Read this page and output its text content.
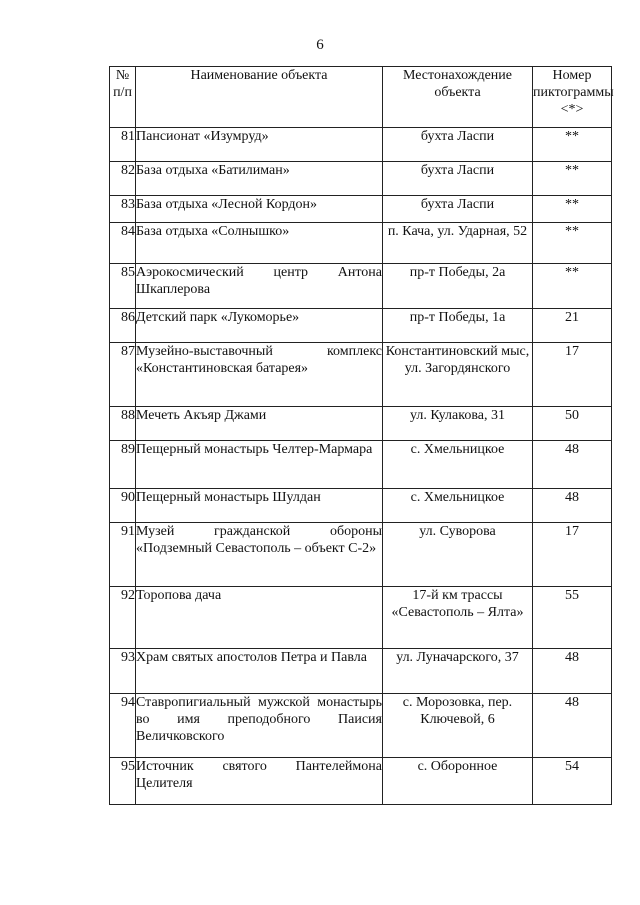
6
№ п/п	Наименование объекта	Местонахождение объекта	Номер пиктограммы <*>
81	Пансионат «Изумруд»	бухта Ласпи	**
82	База отдыха «Батилиман»	бухта Ласпи	**
83	База отдыха «Лесной Кордон»	бухта Ласпи	**
84	База отдыха «Солнышко»	п. Кача, ул. Ударная, 52	**
85	Аэрокосмический центр Антона Шкаплерова	пр-т Победы, 2а	**
86	Детский парк «Лукоморье»	пр-т Победы, 1а	21
87	Музейно-выставочный комплекс «Константиновская батарея»	Константиновский мыс, ул. Загордянского	17
88	Мечеть Акъяр Джами	ул. Кулакова, 31	50
89	Пещерный монастырь Челтер-Мармара	с. Хмельницкое	48
90	Пещерный монастырь Шулдан	с. Хмельницкое	48
91	Музей гражданской обороны «Подземный Севастополь – объект С-2»	ул. Суворова	17
92	Торопова дача	17-й км трассы «Севастополь – Ялта»	55
93	Храм святых апостолов Петра и Павла	ул. Луначарского, 37	48
94	Ставропигиальный мужской монастырь во имя преподобного Паисия Величковского	с. Морозовка, пер. Ключевой, 6	48
95	Источник святого Пантелеймона Целителя	с. Оборонное	54
